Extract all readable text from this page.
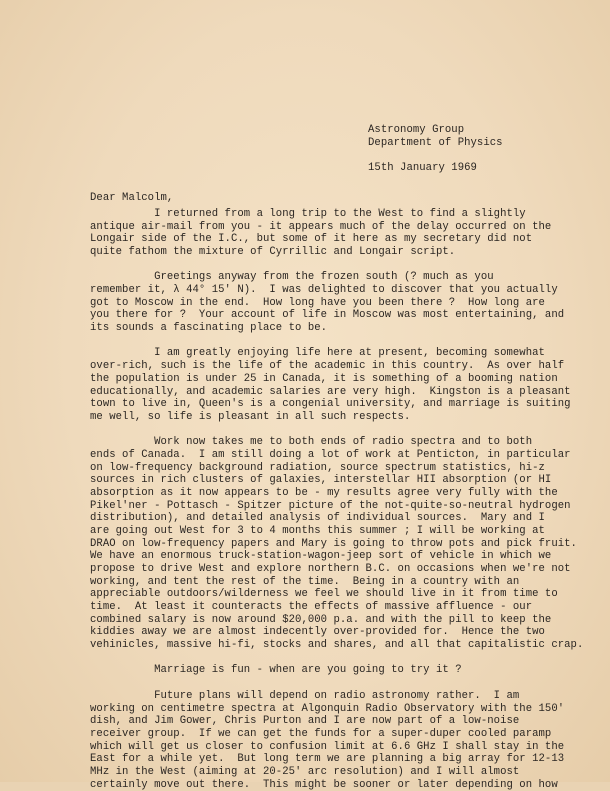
Astronomy Group
Department of Physics
15th January 1969
Dear Malcolm,
I returned from a long trip to the West to find a slightly
antique air-mail from you - it appears much of the delay occurred on the
Longair side of the I.C., but some of it here as my secretary did not
quite fathom the mixture of Cyrrillic and Longair script.
Greetings anyway from the frozen south (? much as you
remember it, λ 44° 15' N).  I was delighted to discover that you actually
got to Moscow in the end.  How long have you been there ?  How long are
you there for ?  Your account of life in Moscow was most entertaining, and
its sounds a fascinating place to be.
I am greatly enjoying life here at present, becoming somewhat
over-rich, such is the life of the academic in this country.  As over half
the population is under 25 in Canada, it is something of a booming nation
educationally, and academic salaries are very high.  Kingston is a pleasant
town to live in, Queen's is a congenial university, and marriage is suiting
me well, so life is pleasant in all such respects.
Work now takes me to both ends of radio spectra and to both
ends of Canada.  I am still doing a lot of work at Penticton, in particular
on low-frequency background radiation, source spectrum statistics, hi-z
sources in rich clusters of galaxies, interstellar HII absorption (or HI
absorption as it now appears to be - my results agree very fully with the
Pikel'ner - Pottasch - Spitzer picture of the not-quite-so-neutral hydrogen
distribution), and detailed analysis of individual sources.  Mary and I
are going out West for 3 to 4 months this summer ; I will be working at
DRAO on low-frequency papers and Mary is going to throw pots and pick fruit.
We have an enormous truck-station-wagon-jeep sort of vehicle in which we
propose to drive West and explore northern B.C. on occasions when we're not
working, and tent the rest of the time.  Being in a country with an
appreciable outdoors/wilderness we feel we should live in it from time to
time.  At least it counteracts the effects of massive affluence - our
combined salary is now around $20,000 p.a. and with the pill to keep the
kiddies away we are almost indecently over-provided for.  Hence the two
vehinicles, massive hi-fi, stocks and shares, and all that capitalistic crap.
Marriage is fun - when are you going to try it ?
Future plans will depend on radio astronomy rather.  I am
working on centimetre spectra at Algonquin Radio Observatory with the 150'
dish, and Jim Gower, Chris Purton and I are now part of a low-noise
receiver group.  If we can get the funds for a super-duper cooled paramp
which will get us closer to confusion limit at 6.6 GHz I shall stay in the
East for a while yet.  But long term we are planning a big array for 12-13
MHz in the West (aiming at 20-25' arc resolution) and I will almost
certainly move out there.  This might be sooner or later depending on how
